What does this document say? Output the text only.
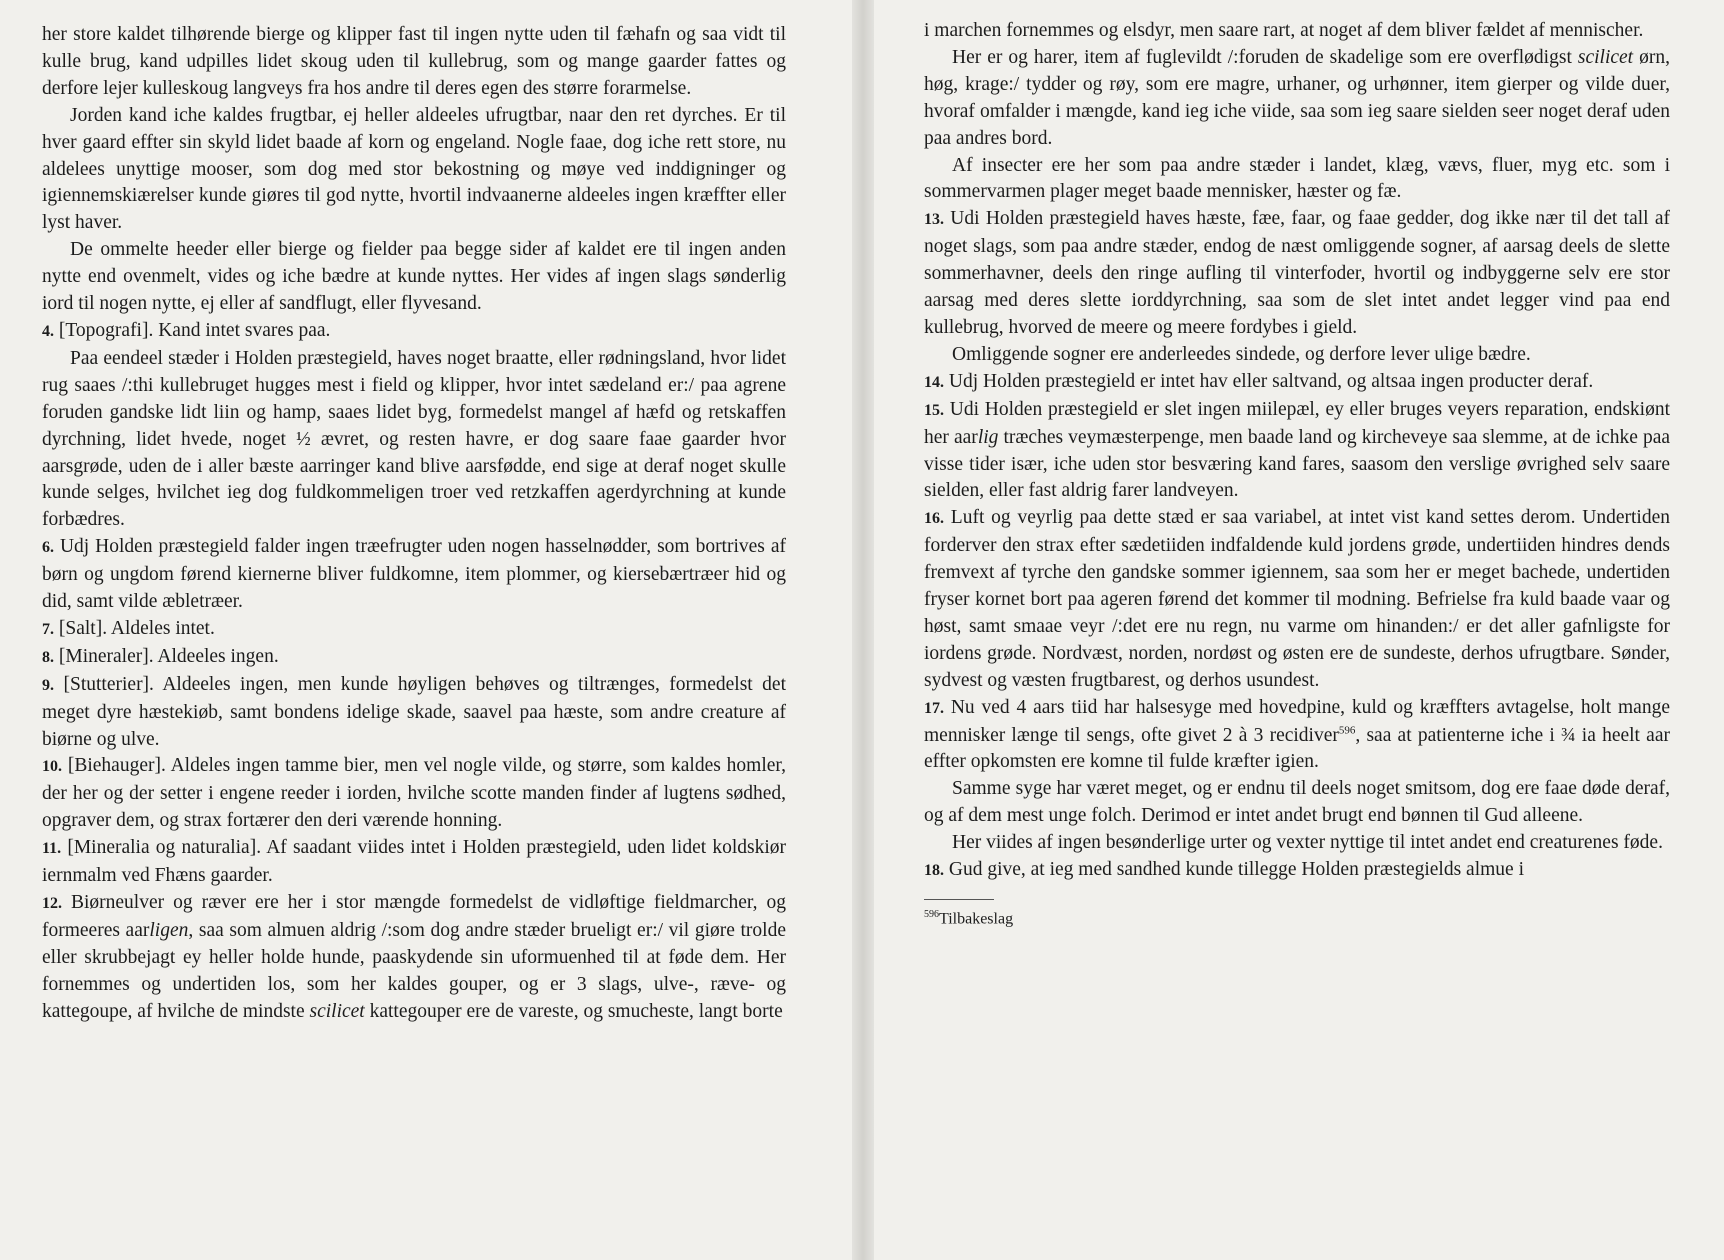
her store kaldet tilhørende bierge og klipper fast til ingen nytte uden til fæhafn og saa vidt til kulle brug, kand udpilles lidet skoug uden til kullebrug, som og mange gaarder fattes og derfore lejer kulleskoug langveys fra hos andre til deres egen des større forarmelse.

Jorden kand iche kaldes frugtbar, ej heller aldeeles ufrugtbar, naar den ret dyrches. Er til hver gaard effter sin skyld lidet baade af korn og engeland. Nogle faae, dog iche rett store, nu aldelees unyttige mooser, som dog med stor bekostning og møye ved inddigninger og igiennemskiærelser kunde giøres til god nytte, hvortil indvaanerne aldeeles ingen kræffter eller lyst haver.

De ommelte heeder eller bierge og fielder paa begge sider af kaldet ere til ingen anden nytte end ovenmelt, vides og iche bædre at kunde nyttes. Her vides af ingen slags sønderlig iord til nogen nytte, ej eller af sandflugt, eller flyvesand.

4. [Topografi]. Kand intet svares paa.

Paa eendeel stæder i Holden præstegield, haves noget braatte, eller rødningsland, hvor lidet rug saaes /:thi kullebruget hugges mest i field og klipper, hvor intet sædeland er:/ paa agrene foruden gandske lidt liin og hamp, saaes lidet byg, formedelst mangel af hæfd og retskaffen dyrchning, lidet hvede, noget ½ ævret, og resten havre, er dog saare faae gaarder hvor aarsgrøde, uden de i aller bæste aarringer kand blive aarsfødde, end sige at deraf noget skulle kunde selges, hvilchet ieg dog fuldkommeligen troer ved retzkaffen agerdyrchning at kunde forbædres.

6. Udj Holden præstegield falder ingen træefrugter uden nogen hasselnødder, som bortrives af børn og ungdom førend kiernerne bliver fuldkomne, item plommer, og kiersebærtræer hid og did, samt vilde æbletræer.

7. [Salt]. Aldeles intet.

8. [Mineraler]. Aldeeles ingen.

9. [Stutterier]. Aldeeles ingen, men kunde høyligen behøves og tiltrænges, formedelst det meget dyre hæstekiøb, samt bondens idelige skade, saavel paa hæste, som andre creature af biørne og ulve.

10. [Biehauger]. Aldeles ingen tamme bier, men vel nogle vilde, og større, som kaldes homler, der her og der setter i engene reeder i iorden, hvilche scotte manden finder af lugtens sødhed, opgraver dem, og strax fortærer den deri værende honning.

11. [Mineralia og naturalia]. Af saadant viides intet i Holden præstegield, uden lidet koldskiør iernmalm ved Fhæns gaarder.

12. Biørneulver og ræver ere her i stor mængde formedelst de vidløftige fieldmarcher, og formeeres aarligen, saa som almuen aldrig /:som dog andre stæder brueligt er:/ vil giøre trolde eller skrubbejagt ey heller holde hunde, paaskydende sin uformuenhed til at føde dem. Her fornemmes og undertiden los, som her kaldes gouper, og er 3 slags, ulve-, ræve- og kattegoupe, af hvilche de mindste scilicet kattegouper ere de vareste, og smucheste, langt borte

i marchen fornemmes og elsdyr, men saare rart, at noget af dem bliver fældet af mennischer.

Her er og harer, item af fuglevildt /:foruden de skadelige som ere overflødigst scilicet ørn, høg, krage:/ tydder og røy, som ere magre, urhaner, og urhønner, item gierper og vilde duer, hvoraf omfalder i mængde, kand ieg iche viide, saa som ieg saare sielden seer noget deraf uden paa andres bord.

Af insecter ere her som paa andre stæder i landet, klæg, vævs, fluer, myg etc. som i sommervarmen plager meget baade mennisker, hæster og fæ.

13. Udi Holden præstegield haves hæste, fæe, faar, og faae gedder, dog ikke nær til det tall af noget slags, som paa andre stæder, endog de næst omliggende sogner, af aarsag deels de slette sommerhavner, deels den ringe aufling til vinterfoder, hvortil og indbyggerne selv ere stor aarsag med deres slette iorddyrchning, saa som de slet intet andet legger vind paa end kullebrug, hvorved de meere og meere fordybes i gield.

Omliggende sogner ere anderleedes sindede, og derfore lever ulige bædre.

14. Udj Holden præstegield er intet hav eller saltvand, og altsaa ingen producter deraf.

15. Udi Holden præstegield er slet ingen miilepæl, ey eller bruges veyers reparation, endskiønt her aarlig træches veymæsterpenge, men baade land og kircheveye saa slemme, at de ichke paa visse tider især, iche uden stor besværing kand fares, saasom den verslige øvrighed selv saare sielden, eller fast aldrig farer landveyen.

16. Luft og veyrlig paa dette stæd er saa variabel, at intet vist kand settes derom. Undertiden forderver den strax efter sædetiiden indfaldende kuld jordens grøde, undertiiden hindres dends fremvext af tyrche den gandske sommer igiennem, saa som her er meget bachede, undertiden fryser kornet bort paa ageren førend det kommer til modning. Befrielse fra kuld baade vaar og høst, samt smaae veyr /:det ere nu regn, nu varme om hinanden:/ er det aller gafnligste for iordens grøde. Nordvæst, norden, nordøst og østen ere de sundeste, derhos ufrugtbare. Sønder, sydvest og væsten frugtbarest, og derhos usundest.

17. Nu ved 4 aars tiid har halsesyge med hovedpine, kuld og kræffters avtagelse, holt mange mennisker længe til sengs, ofte givet 2 à 3 recidiver$^{596}$, saa at patienterne iche i ¾ ia heelt aar effter opkomsten ere komne til fulde kræfter igien.

Samme syge har været meget, og er endnu til deels noget smitsom, dog ere faae døde deraf, og af dem mest unge folch. Derimod er intet andet brugt end bønnen til Gud alleene.

Her viides af ingen besønderlige urter og vexter nyttige til intet andet end creaturenes føde.

18. Gud give, at ieg med sandhed kunde tillegge Holden præstegields almue i

$^{596}$Tilbakeslag
